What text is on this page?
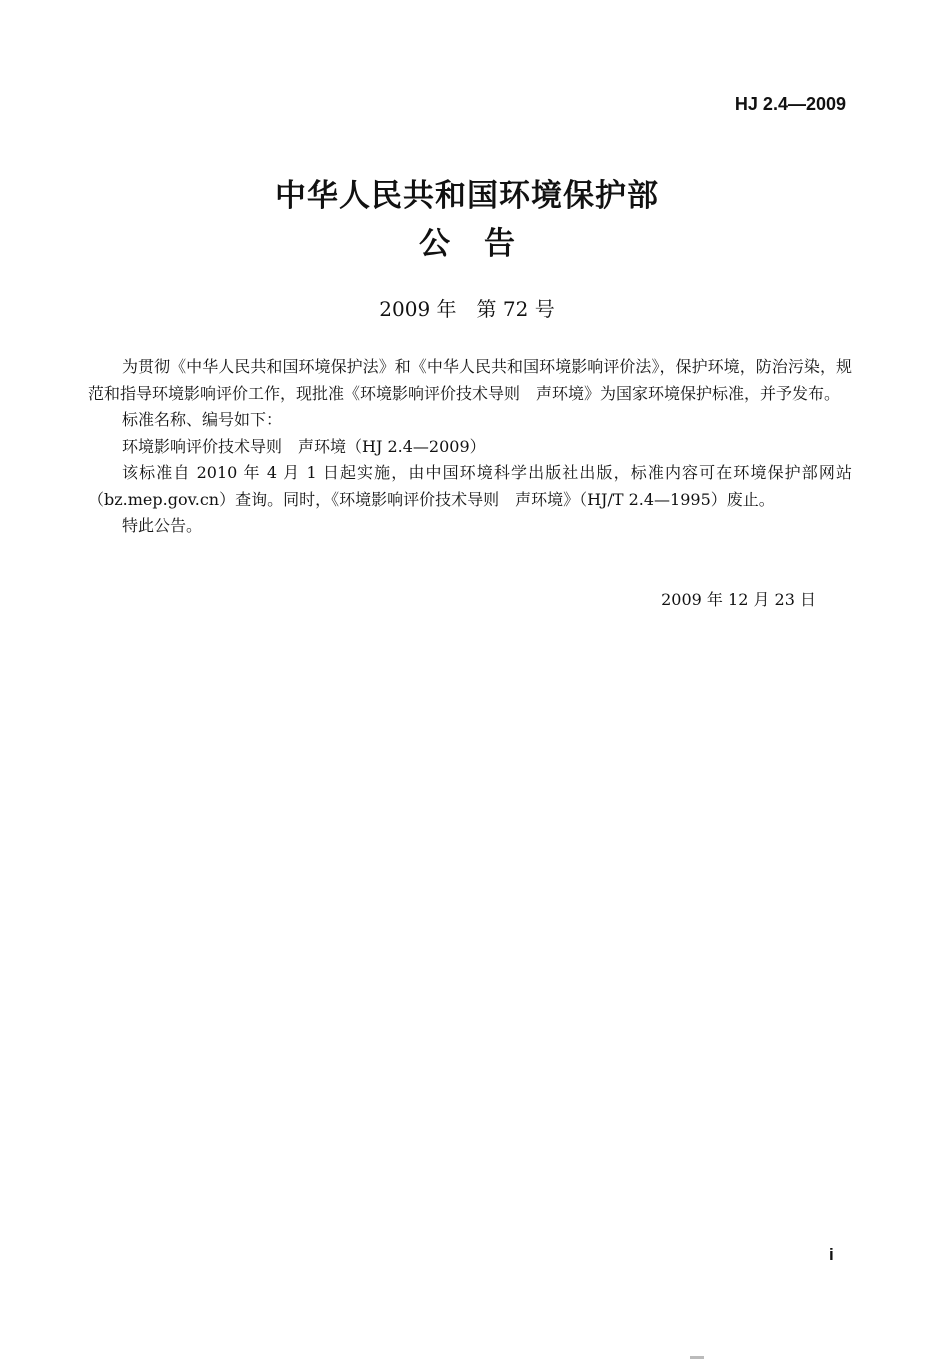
HJ 2.4—2009
中华人民共和国环境保护部
公告
2009 年　第 72 号

为贯彻《中华人民共和国环境保护法》和《中华人民共和国环境影响评价法》，保护环境，防治污染，规范和指导环境影响评价工作，现批准《环境影响评价技术导则　声环境》为国家环境保护标准，并予发布。

标准名称、编号如下：

环境影响评价技术导则　声环境（HJ 2.4—2009）

该标准自 2010 年 4 月 1 日起实施，由中国环境科学出版社出版，标准内容可在环境保护部网站（bz.mep.gov.cn）查询。同时，《环境影响评价技术导则　声环境》（HJ/T 2.4—1995）废止。

特此公告。

2009 年 12 月 23 日
i
